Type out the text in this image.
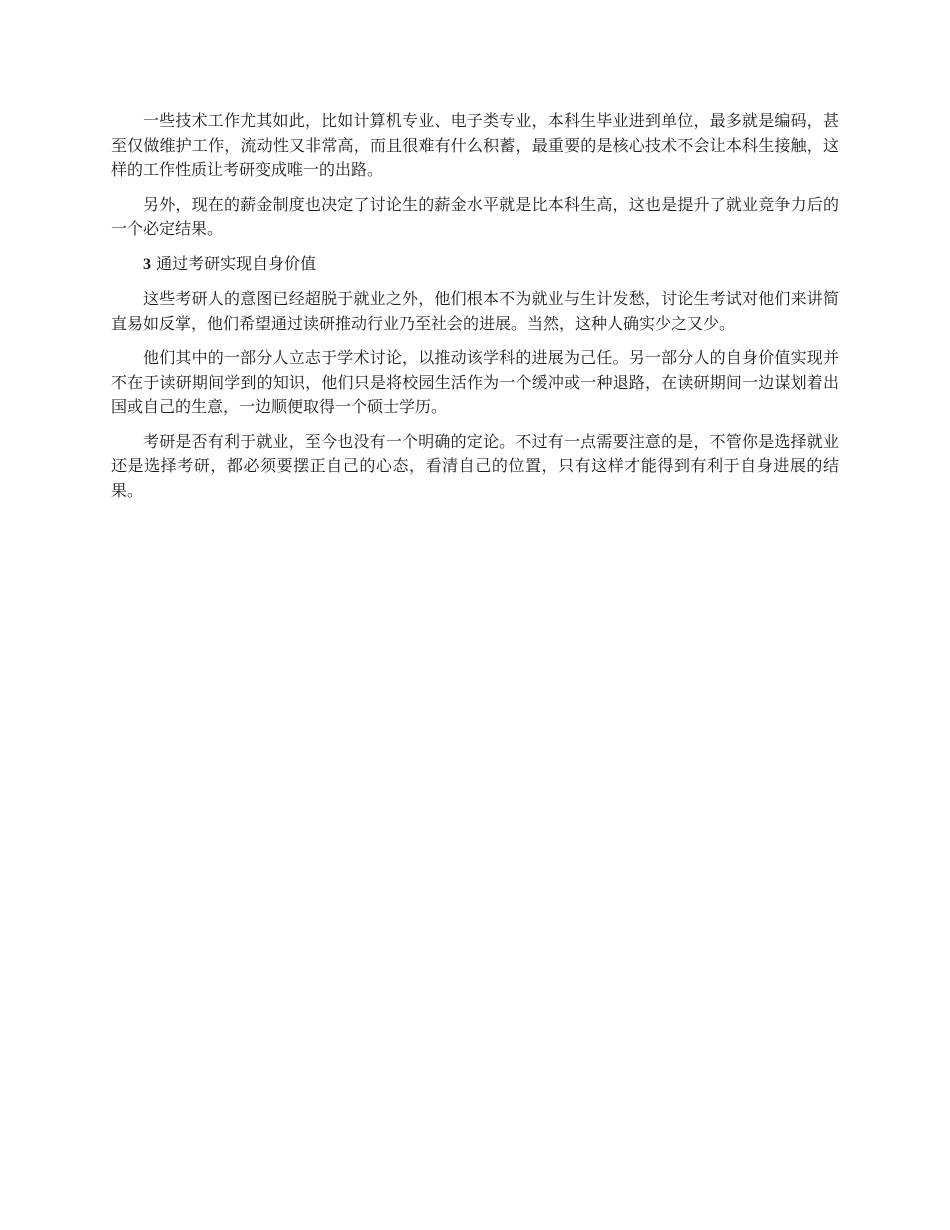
一些技术工作尤其如此，比如计算机专业、电子类专业，本科生毕业进到单位，最多就是编码，甚至仅做维护工作，流动性又非常高，而且很难有什么积蓄，最重要的是核心技术不会让本科生接触，这样的工作性质让考研变成唯一的出路。

另外，现在的薪金制度也决定了讨论生的薪金水平就是比本科生高，这也是提升了就业竞争力后的一个必定结果。

3 通过考研实现自身价值

这些考研人的意图已经超脱于就业之外，他们根本不为就业与生计发愁，讨论生考试对他们来讲简直易如反掌，他们希望通过读研推动行业乃至社会的进展。当然，这种人确实少之又少。

他们其中的一部分人立志于学术讨论，以推动该学科的进展为己任。另一部分人的自身价值实现并不在于读研期间学到的知识，他们只是将校园生活作为一个缓冲或一种退路，在读研期间一边谋划着出国或自己的生意，一边顺便取得一个硕士学历。

考研是否有利于就业，至今也没有一个明确的定论。不过有一点需要注意的是，不管你是选择就业还是选择考研，都必须要摆正自己的心态，看清自己的位置，只有这样才能得到有利于自身进展的结果。
